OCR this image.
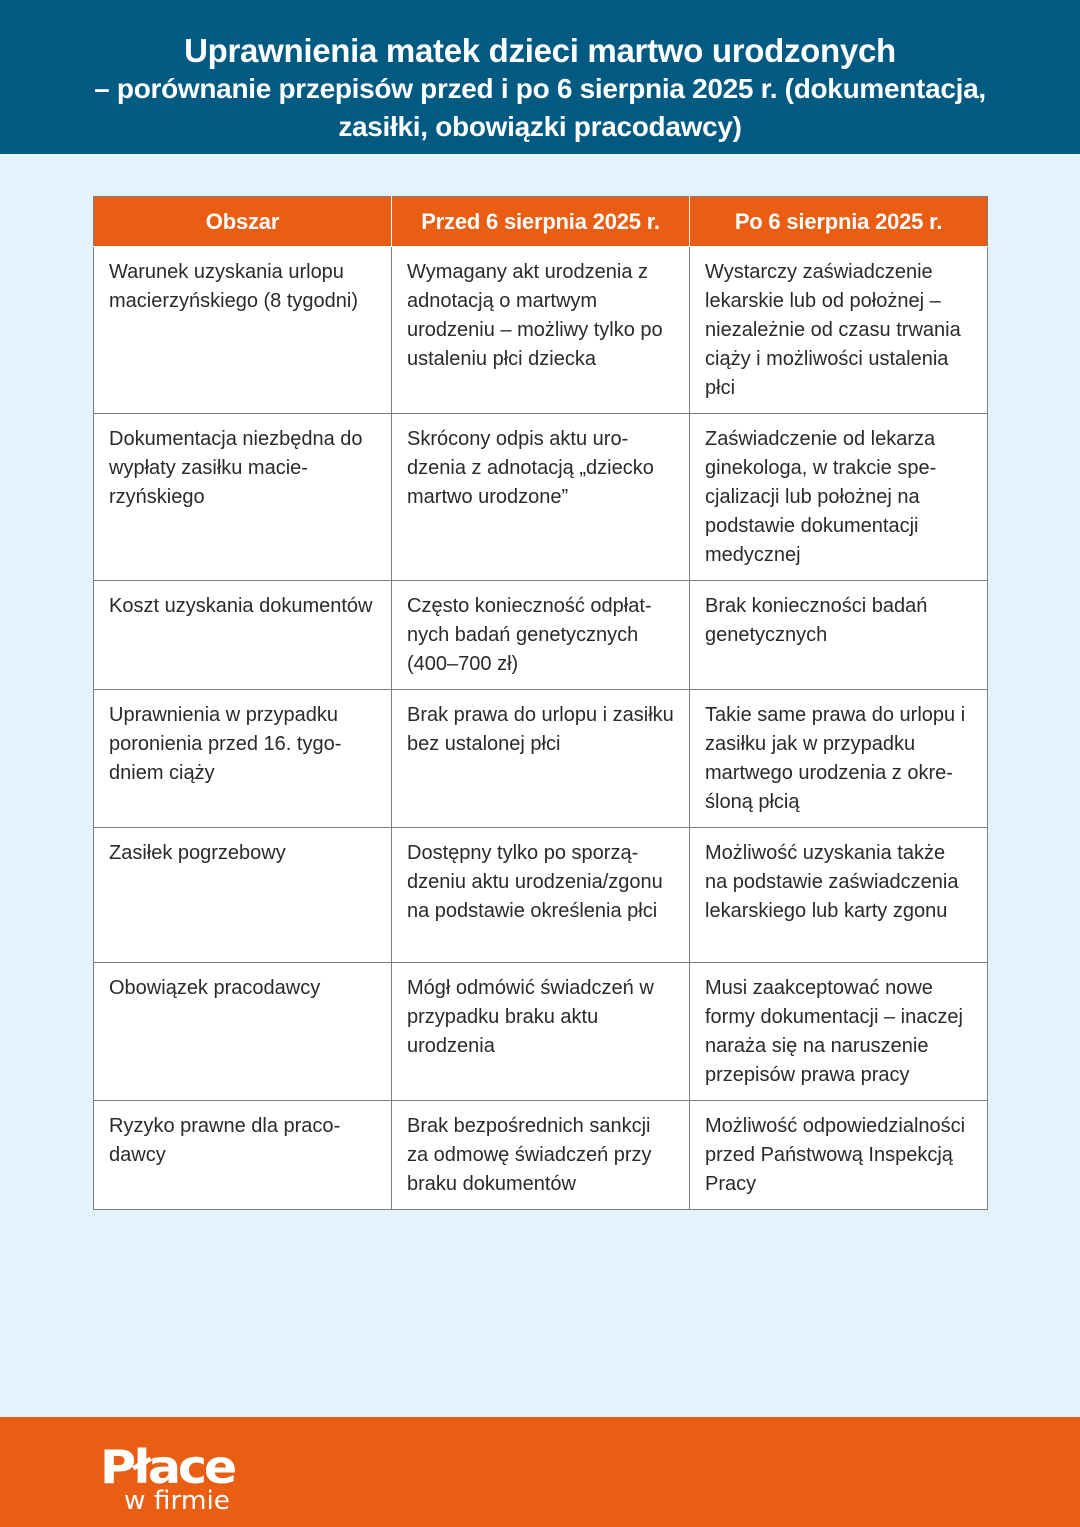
Uprawnienia matek dzieci martwo urodzonych
– porównanie przepisów przed i po 6 sierpnia 2025 r. (dokumentacja, zasiłki, obowiązki pracodawcy)
Obszar	Przed 6 sierpnia 2025 r.	Po 6 sierpnia 2025 r.
Warunek uzyskania urlopu macierzyńskiego (8 tygodni)	Wymagany akt urodzenia z adnotacją o martwym urodzeniu – możliwy tylko po ustaleniu płci dziecka	Wystarczy zaświadczenie lekarskie lub od położnej – niezależnie od czasu trwania ciąży i możliwości ustalenia płci
Dokumentacja niezbędna do wypłaty zasiłku macierzyńskiego	Skrócony odpis aktu urodzenia z adnotacją „dziecko martwo urodzone”	Zaświadczenie od lekarza ginekologa, w trakcie specjalizacji lub położnej na podstawie dokumentacji medycznej
Koszt uzyskania dokumentów	Często konieczność odpłatnych badań genetycznych (400–700 zł)	Brak konieczności badań genetycznych
Uprawnienia w przypadku poronienia przed 16. tygodniem ciąży	Brak prawa do urlopu i zasiłku bez ustalonej płci	Takie same prawa do urlopu i zasiłku jak w przypadku martwego urodzenia z określoną płcią
Zasiłek pogrzebowy	Dostępny tylko po sporządzeniu aktu urodzenia/zgonu na podstawie określenia płci	Możliwość uzyskania także na podstawie zaświadczenia lekarskiego lub karty zgonu
Obowiązek pracodawcy	Mógł odmówić świadczeń w przypadku braku aktu urodzenia	Musi zaakceptować nowe formy dokumentacji – inaczej naraża się na naruszenie przepisów prawa pracy
Ryzyko prawne dla pracodawcy	Brak bezpośrednich sankcji za odmowę świadczeń przy braku dokumentów	Możliwość odpowiedzialności przed Państwową Inspekcją Pracy
Płace
w firmie
